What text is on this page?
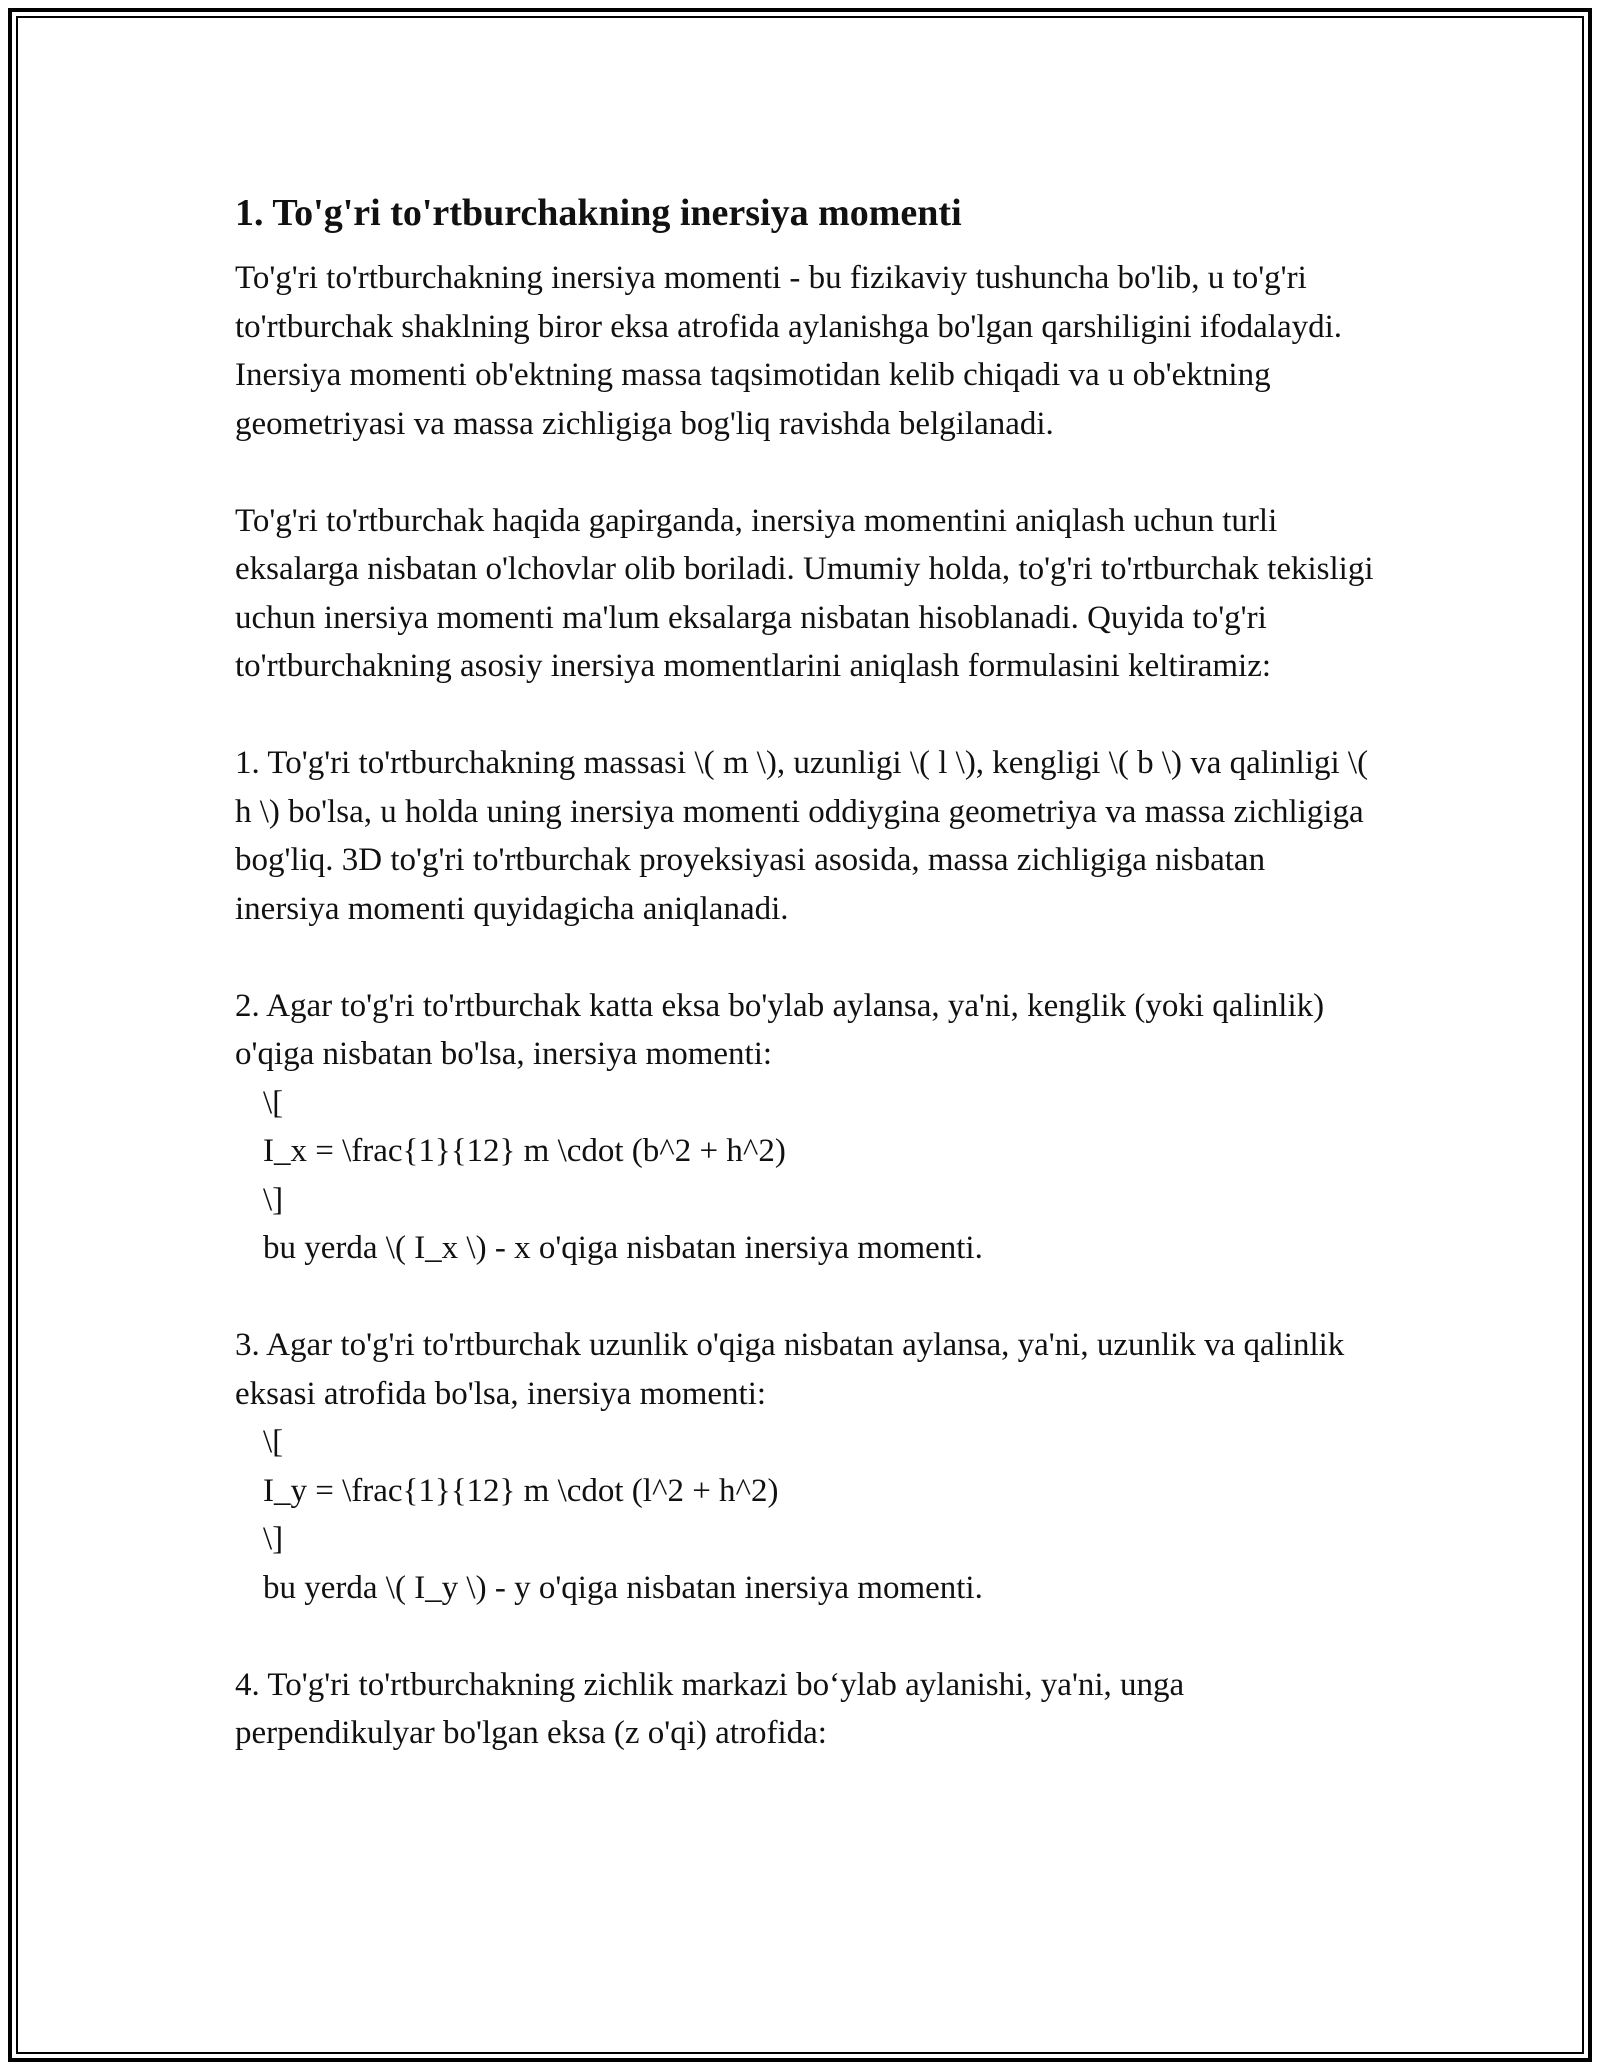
1. To'g'ri to'rtburchakning inersiya momenti

To'g'ri to'rtburchakning inersiya momenti - bu fizikaviy tushuncha bo'lib, u to'g'ri to'rtburchak shaklning biror eksa atrofida aylanishga bo'lgan qarshiligini ifodalaydi. Inersiya momenti ob'ektning massa taqsimotidan kelib chiqadi va u ob'ektning geometriyasi va massa zichligiga bog'liq ravishda belgilanadi.

To'g'ri to'rtburchak haqida gapirganda, inersiya momentini aniqlash uchun turli eksalarga nisbatan o'lchovlar olib boriladi. Umumiy holda, to'g'ri to'rtburchak tekisligi uchun inersiya momenti ma'lum eksalarga nisbatan hisoblanadi. Quyida to'g'ri to'rtburchakning asosiy inersiya momentlarini aniqlash formulasini keltiramiz:

1. To'g'ri to'rtburchakning massasi \( m \), uzunligi \( l \), kengligi \( b \) va qalinligi \( h \) bo'lsa, u holda uning inersiya momenti oddiygina geometriya va massa zichligiga bog'liq. 3D to'g'ri to'rtburchak proyeksiyasi asosida, massa zichligiga nisbatan inersiya momenti quyidagicha aniqlanadi.

2. Agar to'g'ri to'rtburchak katta eksa bo'ylab aylansa, ya'ni, kenglik (yoki qalinlik) o'qiga nisbatan bo'lsa, inersiya momenti:

\[

I_x = \frac{1}{12} m \cdot (b^2 + h^2)

\]

bu yerda \( I_x \) - x o'qiga nisbatan inersiya momenti.

3. Agar to'g'ri to'rtburchak uzunlik o'qiga nisbatan aylansa, ya'ni, uzunlik va qalinlik eksasi atrofida bo'lsa, inersiya momenti:

\[

I_y = \frac{1}{12} m \cdot (l^2 + h^2)

\]

bu yerda \( I_y \) - y o'qiga nisbatan inersiya momenti.

4. To'g'ri to'rtburchakning zichlik markazi bo‘ylab aylanishi, ya'ni, unga perpendikulyar bo'lgan eksa (z o'qi) atrofida:
